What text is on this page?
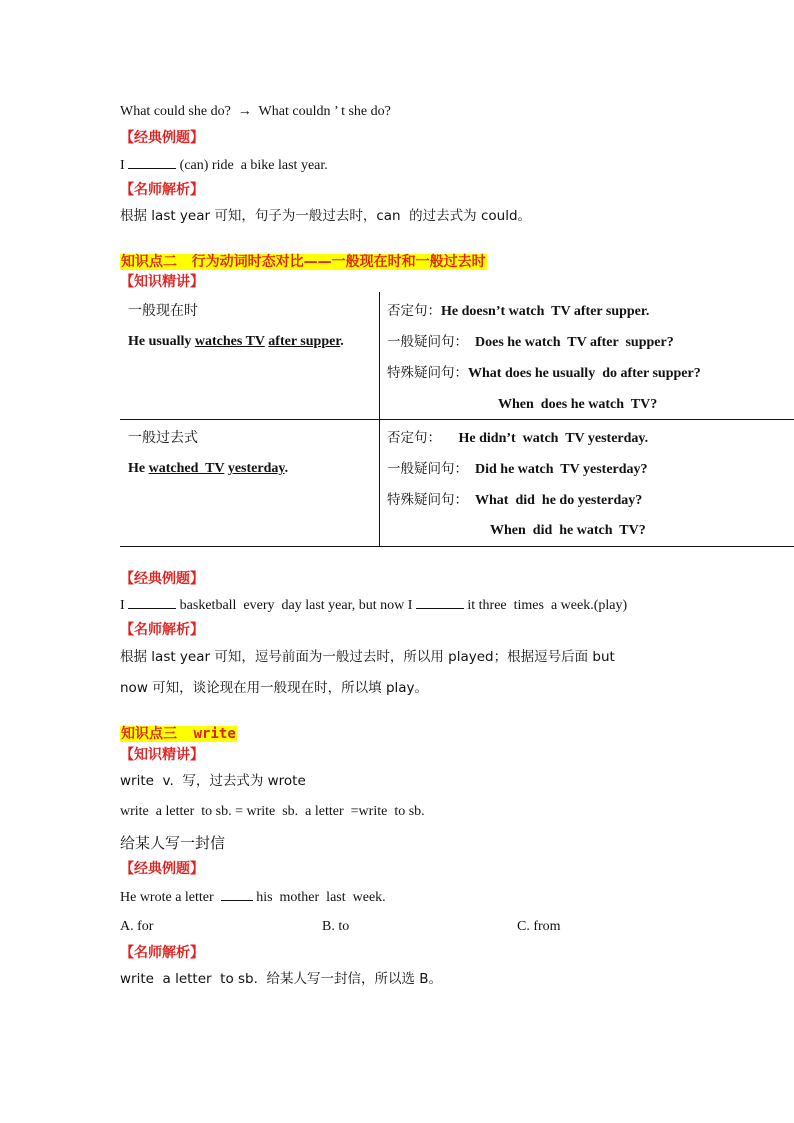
What could she do?  →  What couldn ’ t she do?
【经典例题】
I	(can) ride  a bike last year.
【名师解析】
根据 last year 可知，句子为一般过去时，can  的过去式为 could。
知识点二   行为动词时态对比——一般现在时和一般过去时
【知识精讲】
一般现在时
He usually watches TV after supper.
否定句：He doesn’t watch  TV after supper.
一般疑问句：  Does he watch  TV after  supper?
特殊疑问句：What does he usually  do after supper?
When  does he watch  TV?
一般过去式
He watched  TV yesterday.
否定句：     He didn’t  watch  TV yesterday.
一般疑问句：  Did he watch  TV yesterday?
特殊疑问句：  What  did  he do yesterday?
When  did  he watch  TV?
【经典例题】
I	basketball  every  day last year, but now I	it three  times  a week.(play)
【名师解析】
根据 last year 可知，逗号前面为一般过去时，所以用 played；根据逗号后面 but
now 可知，谈论现在用一般现在时，所以填 play。
知识点三   write
【知识精讲】
write  v.  写，过去式为 wrote
write  a letter  to sb. = write  sb.  a letter  =write  to sb.
给某人写一封信
【经典例题】
He wrote a letter   his  mother  last  week.
A. for	B. to	C. from
【名师解析】
write  a letter  to sb.  给某人写一封信，所以选 B。
